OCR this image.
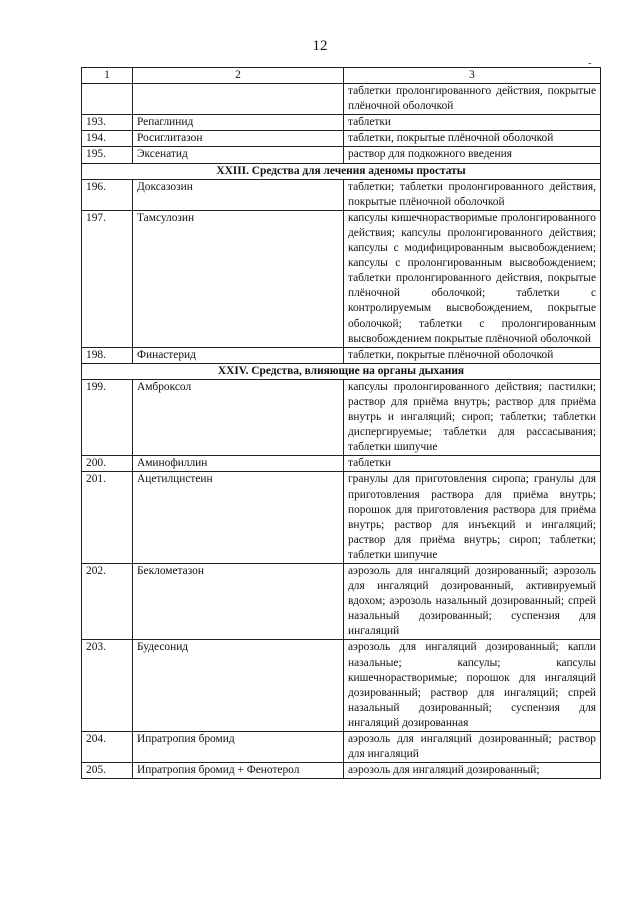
12
-
1	2	3
		таблетки пролонгированного действия, покрытые плёночной оболочкой
193.	Репаглинид	таблетки
194.	Росиглитазон	таблетки, покрытые плёночной оболочкой
195.	Эксенатид	раствор для подкожного введения
XXIII. Средства для лечения аденомы простаты		
196.	Доксазозин	таблетки; таблетки пролонгированного действия, покрытые плёночной оболочкой
197.	Тамсулозин	капсулы кишечнорастворимые пролонгированного действия; капсулы пролонгированного действия; капсулы с модифицированным высвобождением; капсулы с пролонгированным высвобождением; таблетки пролонгированного действия, покрытые плёночной оболочкой; таблетки с контролируемым высвобождением, покрытые оболочкой; таблетки с пролонгированным высвобождением покрытые плёночной оболочкой
198.	Финастерид	таблетки, покрытые плёночной оболочкой
XXIV. Средства, влияющие на органы дыхания		
199.	Амброксол	капсулы пролонгированного действия; пастилки; раствор для приёма внутрь; раствор для приёма внутрь и ингаляций; сироп; таблетки; таблетки диспергируемые; таблетки для рассасывания; таблетки шипучие
200.	Аминофиллин	таблетки
201.	Ацетилцистеин	гранулы для приготовления сиропа; гранулы для приготовления раствора для приёма внутрь; порошок для приготовления раствора для приёма внутрь; раствор для инъекций и ингаляций; раствор для приёма внутрь; сироп; таблетки; таблетки шипучие
202.	Беклометазон	аэрозоль для ингаляций дозированный; аэрозоль для ингаляций дозированный, активируемый вдохом; аэрозоль назальный дозированный; спрей назальный дозированный; суспензия для ингаляций
203.	Будесонид	аэрозоль для ингаляций дозированный; капли назальные; капсулы; капсулы кишечнорастворимые; порошок для ингаляций дозированный; раствор для ингаляций; спрей назальный дозированный; суспензия для ингаляций дозированная
204.	Ипратропия бромид	аэрозоль для ингаляций дозированный; раствор для ингаляций
205.	Ипратропия бромид + Фенотерол	аэрозоль для ингаляций дозированный;
